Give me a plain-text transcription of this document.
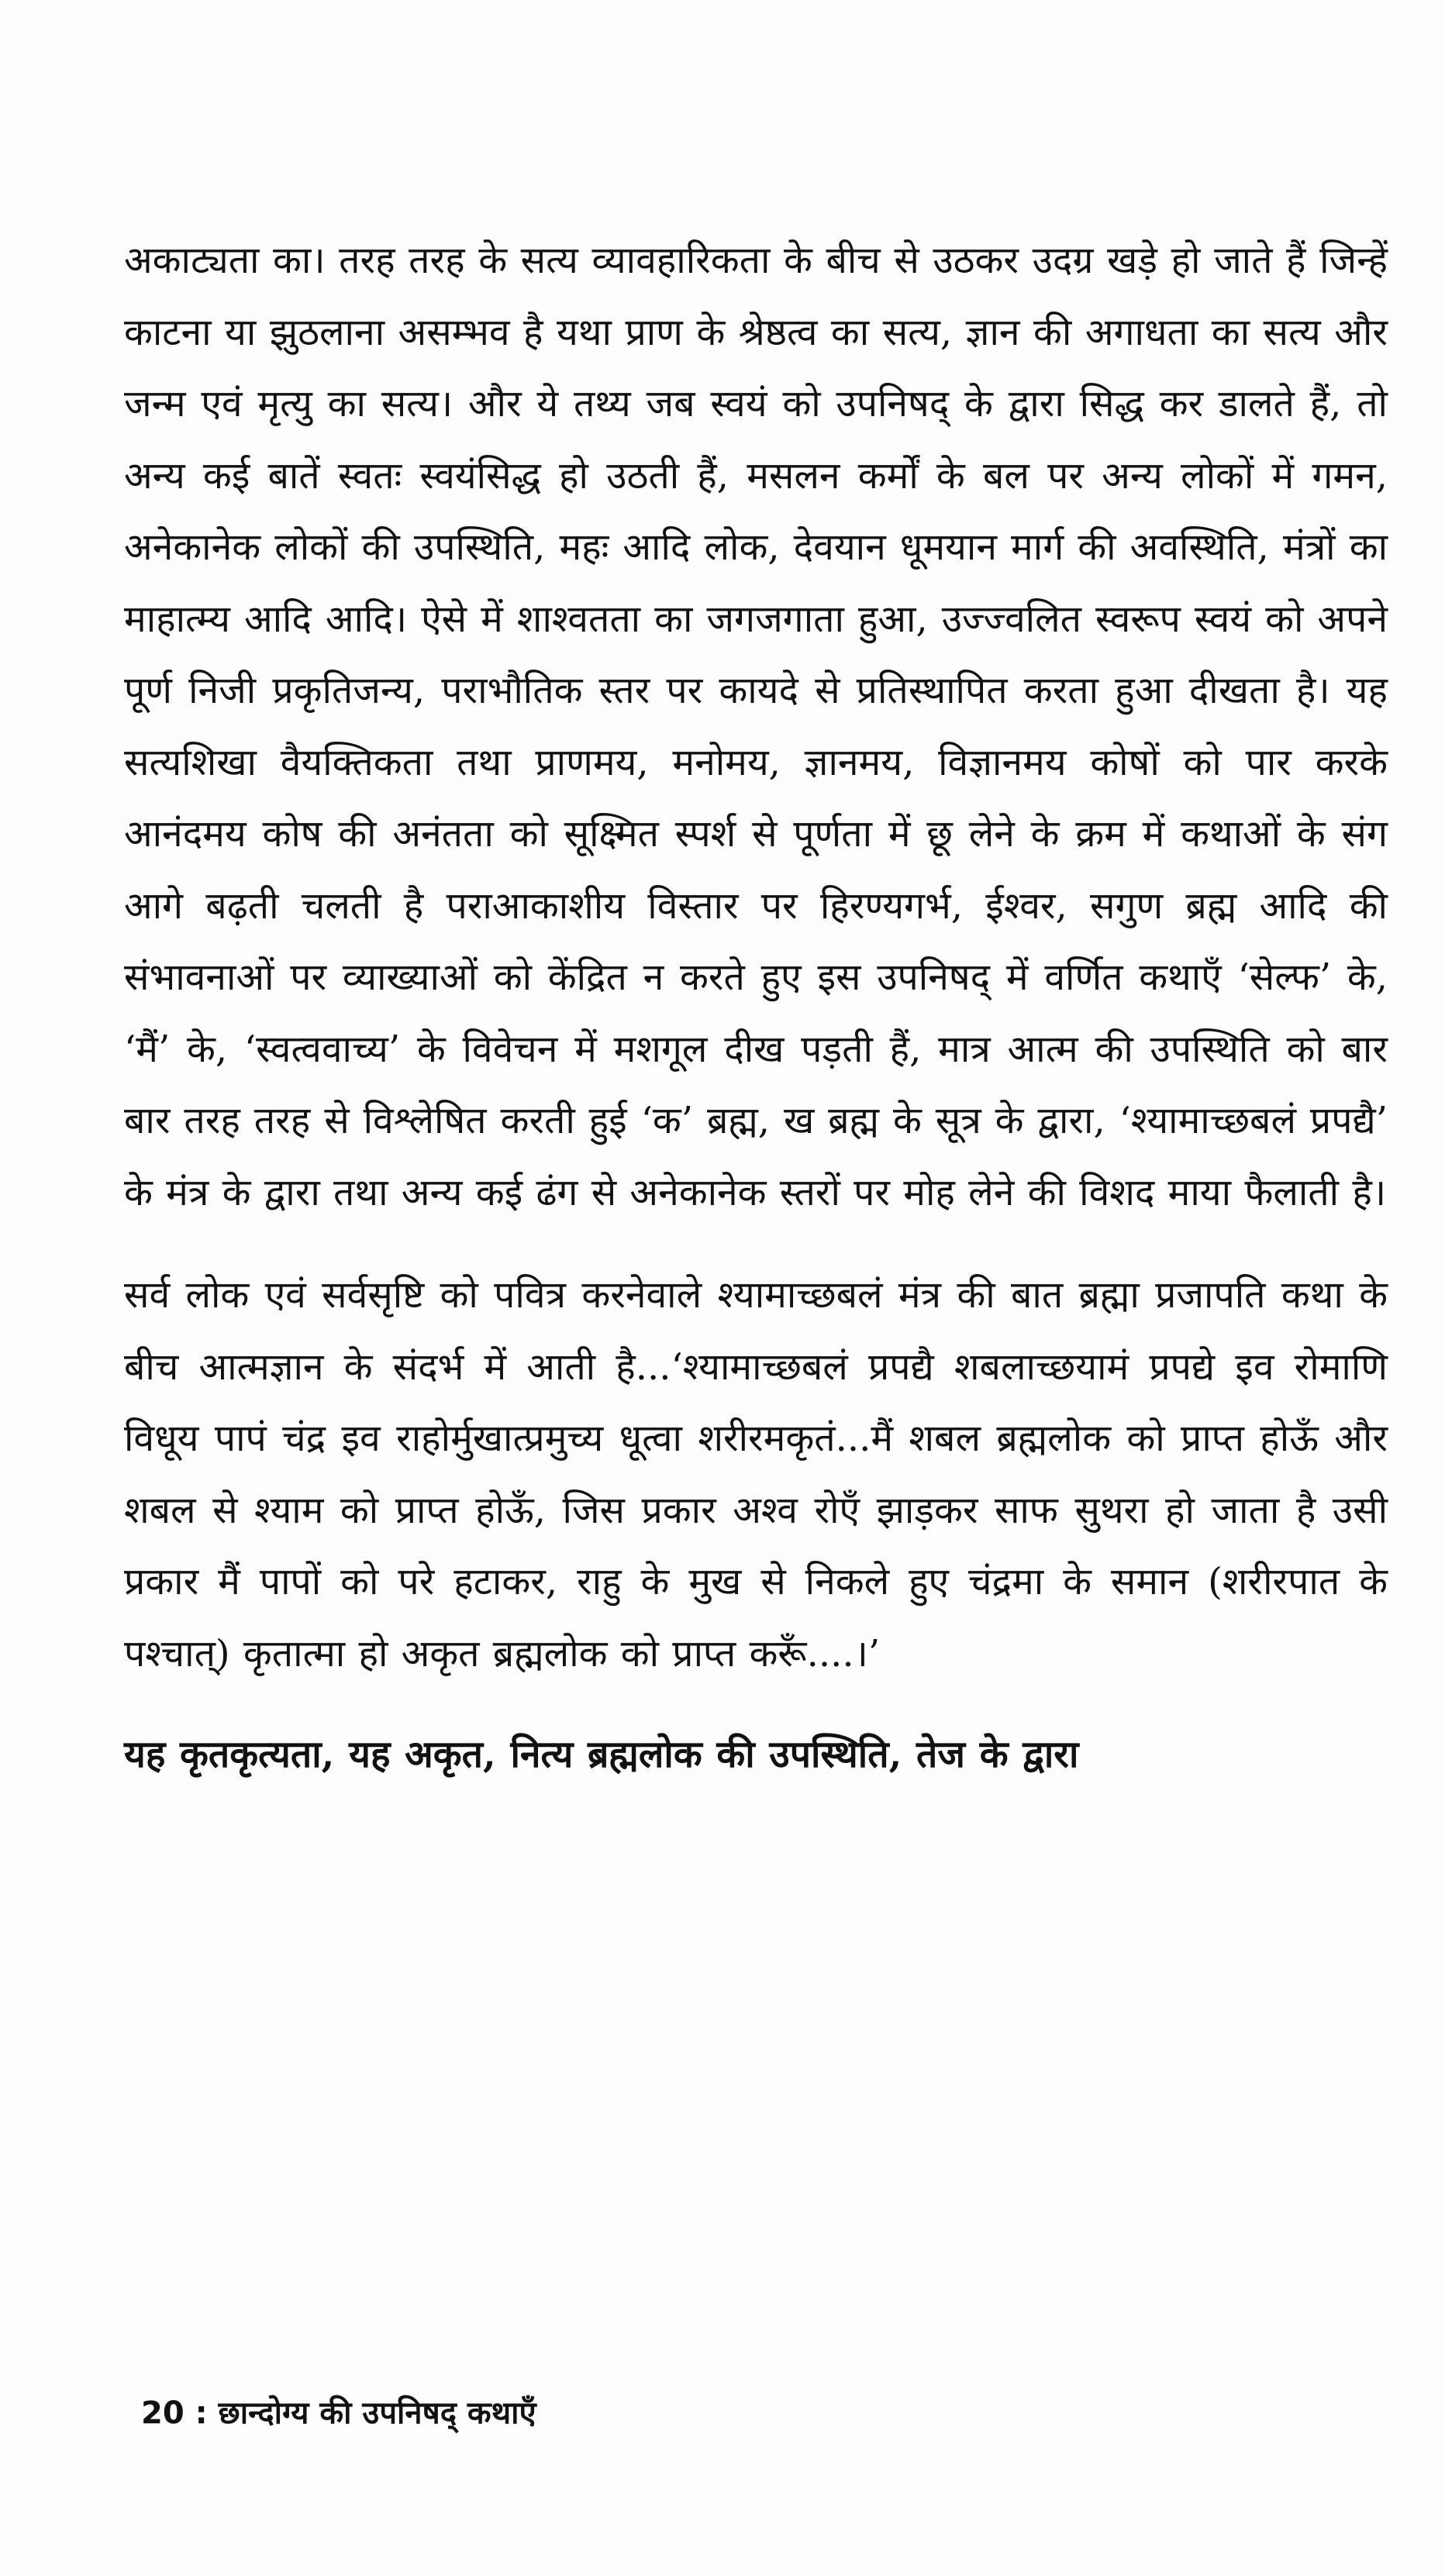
अकाट्यता का। तरह तरह के सत्य व्यावहारिकता के बीच से उठकर उदग्र खड़े हो जाते हैं जिन्हें काटना या झुठलाना असम्भव है यथा प्राण के श्रेष्ठत्व का सत्य, ज्ञान की अगाधता का सत्य और जन्म एवं मृत्यु का सत्य। और ये तथ्य जब स्वयं को उपनिषद् के द्वारा सिद्ध कर डालते हैं, तो अन्य कई बातें स्वतः स्वयंसिद्ध हो उठती हैं, मसलन कर्मों के बल पर अन्य लोकों में गमन, अनेकानेक लोकों की उपस्थिति, महः आदि लोक, देवयान धूमयान मार्ग की अवस्थिति, मंत्रों का माहात्म्य आदि आदि। ऐसे में शाश्वतता का जगजगाता हुआ, उज्ज्वलित स्वरूप स्वयं को अपने पूर्ण निजी प्रकृतिजन्य, पराभौतिक स्तर पर कायदे से प्रतिस्थापित करता हुआ दीखता है। यह सत्यशिखा वैयक्तिकता तथा प्राणमय, मनोमय, ज्ञानमय, विज्ञानमय कोषों को पार करके आनंदमय कोष की अनंतता को सूक्ष्मित स्पर्श से पूर्णता में छू लेने के क्रम में कथाओं के संग आगे बढ़ती चलती है पराआकाशीय विस्तार पर हिरण्यगर्भ, ईश्वर, सगुण ब्रह्म आदि की संभावनाओं पर व्याख्याओं को केंद्रित न करते हुए इस उपनिषद् में वर्णित कथाएँ ‘सेल्फ’ के, ‘मैं’ के, ‘स्वत्ववाच्य’ के विवेचन में मशगूल दीख पड़ती हैं, मात्र आत्म की उपस्थिति को बार बार तरह तरह से विश्लेषित करती हुई ‘क’ ब्रह्म, ख ब्रह्म के सूत्र के द्वारा, ‘श्यामाच्छबलं प्रपद्यै’ के मंत्र के द्वारा तथा अन्य कई ढंग से अनेकानेक स्तरों पर मोह लेने की विशद माया फैलाती है।

सर्व लोक एवं सर्वसृष्टि को पवित्र करनेवाले श्यामाच्छबलं मंत्र की बात ब्रह्मा प्रजापति कथा के बीच आत्मज्ञान के संदर्भ में आती है...‘श्यामाच्छबलं प्रपद्यै शबलाच्छयामं प्रपद्ये इव रोमाणि विधूय पापं चंद्र इव राहोर्मुखात्प्रमुच्य धूत्वा शरीरमकृतं...मैं शबल ब्रह्मलोक को प्राप्त होऊँ और शबल से श्याम को प्राप्त होऊँ, जिस प्रकार अश्व रोएँ झाड़कर साफ सुथरा हो जाता है उसी प्रकार मैं पापों को परे हटाकर, राहु के मुख से निकले हुए चंद्रमा के समान (शरीरपात के पश्चात्) कृतात्मा हो अकृत ब्रह्मलोक को प्राप्त करूँ....।’

यह कृतकृत्यता, यह अकृत, नित्य ब्रह्मलोक की उपस्थिति, तेज के द्वारा

20 : छान्दोग्य की उपनिषद् कथाएँ
